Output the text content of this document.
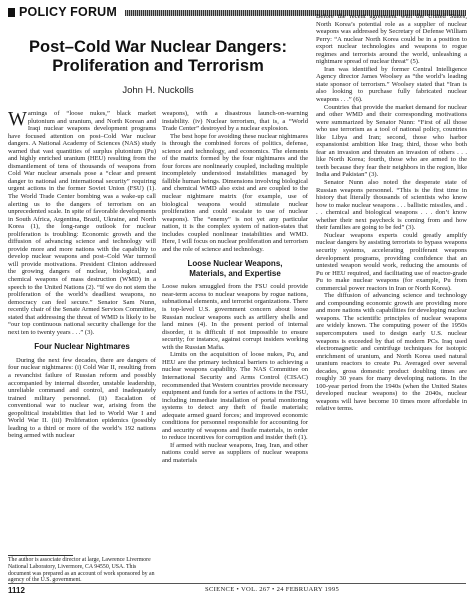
POLICY FORUM
Post–Cold War Nuclear Dangers:
Proliferation and Terrorism
John H. Nuckolls

Warnings of “loose nukes,” black market plutonium and uranium, and North Korean and Iraqi nuclear weapons development programs have focused attention on post–Cold War nuclear dangers. A National Academy of Sciences (NAS) study warned that vast quantities of surplus plutonium (Pu) and highly enriched uranium (HEU) resulting from the dismantlement of tens of thousands of weapons from Cold War nuclear arsenals pose a “clear and present danger to national and international security” requiring urgent actions in the former Soviet Union (FSU) (1). The World Trade Center bombing was a wake-up call alerting us to the dangers of terrorism on an unprecedented scale. In spite of favorable developments in South Africa, Argentina, Brazil, Ukraine, and North Korea (1), the long-range outlook for nuclear proliferation is troubling: Economic growth and the diffusion of advancing science and technology will provide more and more nations with the capability to develop nuclear weapons and post–Cold War turmoil will provide motivations. President Clinton addressed the growing dangers of nuclear, biological, and chemical weapons of mass destruction (WMD) in a speech to the United Nations (2). “If we do not stem the proliferation of the world’s deadliest weapons, no democracy can feel secure.” Senator Sam Nunn, recently chair of the Senate Armed Services Committee, stated that addressing the threat of WMD is likely to be “our top continuous national security challenge for the next ten to twenty years . . .” (3).

Four Nuclear Nightmares

During the next few decades, there are dangers of four nuclear nightmares: (i) Cold War II, resulting from a revanchist failure of Russian reform and possibly accompanied by internal disorder, unstable leadership, unreliable command and control, and inadequately trained military personnel. (ii) Escalation of conventional war to nuclear war, arising from the geopolitical instabilities that led to World War I and World War II. (iii) Proliferation epidemics (possibly leading to a third or more of the world’s 192 nations being armed with nuclear

The author is associate director at large, Lawrence Livermore National Laboratory, Livermore, CA 94550, USA. This document was prepared as an account of work sponsored by an agency of the U.S. government.

weapons), with a disastrous launch-on-warning instability. (iv) Nuclear terrorism, that is, a “World Trade Center” destroyed by a nuclear explosion.

The best hope for avoiding these nuclear nightmares is through the combined forces of politics, defense, science and technology, and economics. The elements of the matrix formed by the four nightmares and the four forces are nonlinearly coupled, including multiple incompletely understood instabilities managed by fallible human beings. Dimensions involving biological and chemical WMD also exist and are coupled to the nuclear nightmare matrix (for example, use of biological weapons would stimulate nuclear proliferation and could escalate to use of nuclear weapons). The “enemy” is not yet any particular nation, it is the complex system of nation-states that includes coupled nonlinear instabilities and WMD. Here, I will focus on nuclear proliferation and terrorism and the role of science and technology.

Loose Nuclear Weapons,
Materials, and Expertise

Loose nukes smuggled from the FSU could provide near-term access to nuclear weapons by rogue nations, subnational elements, and terrorist organizations. There is top-level U.S. government concern about loose Russian nuclear weapons such as artillery shells and land mines (4). In the present period of internal disorder, it is difficult if not impossible to ensure security; for instance, against corrupt insiders working with the Russian Mafia.

Limits on the acquisition of loose nukes, Pu, and HEU are the primary technical barriers to achieving a nuclear weapons capability. The NAS Committee on International Security and Arms Control (CISAC) recommended that Western countries provide necessary equipment and funds for a series of actions in the FSU, including immediate installation of portal monitoring systems to detect any theft of fissile materials; adequate armed guard forces; and improved economic conditions for personnel responsible for accounting for and security of weapons and fissile materials, in order to reduce incentives for corruption and insider theft (1).

If armed with nuclear weapons, Iraq, Iran, and other nations could serve as suppliers of nuclear weapons and materials

Before the recent agreement with the United States, North Korea’s potential role as a supplier of nuclear weapons was addressed by Secretary of Defense William Perry: “A nuclear North Korea could be in a position to export nuclear technologies and weapons to rogue regimes and terrorists around the world, unleashing a nightmare spread of nuclear threat” (5).

Iran was identified by former Central Intelligence Agency director James Woolsey as “the world’s leading state sponsor of terrorism.” Woolsey stated that “Iran is also looking to purchase fully fabricated nuclear weapons . . .” (6).

Countries that provide the market demand for nuclear and other WMD and their corresponding motivations were summarized by Senator Nunn: “First of all those who use terrorism as a tool of national policy, countries like Libya and Iran; second, those who harbor expansionist ambition like Iraq; third, those who both fear an invasion and threaten an invasion of others . . . like North Korea; fourth, those who are armed to the teeth because they fear their neighbors in the region, like India and Pakistan” (3).

Senator Nunn also noted the desperate state of Russian weapons personnel. “This is the first time in history that literally thousands of scientists who know how to make nuclear weapons . . . ballistic missiles, and . . . chemical and biological weapons . . . don’t know whether their next paycheck is coming from and how their families are going to be fed” (3).

Nuclear weapons experts could greatly amplify nuclear dangers by assisting terrorists to bypass weapons security systems, accelerating proliferant weapons development programs, providing confidence that an untested weapon would work, reducing the amounts of Pu or HEU required, and facilitating use of reactor-grade Pu to make nuclear weapons (for example, Pu from commercial power reactors in Iran or North Korea).

The diffusion of advancing science and technology and compounding economic growth are providing more and more nations with capabilities for developing nuclear weapons. The scientific principles of nuclear weapons are widely known. The computing power of the 1950s supercomputers used to design early U.S. nuclear weapons is exceeded by that of modern PCs. Iraq used electromagnetic and centrifuge techniques for isotopic enrichment of uranium, and North Korea used natural uranium reactors to create Pu. Averaged over several decades, gross domestic product doubling times are roughly 30 years for many developing nations. In the 100-year period from the 1940s (when the United States developed nuclear weapons) to the 2040s, nuclear weapons will have become 10 times more affordable in relative terms.

1112	SCIENCE • VOL. 267 • 24 FEBRUARY 1995
